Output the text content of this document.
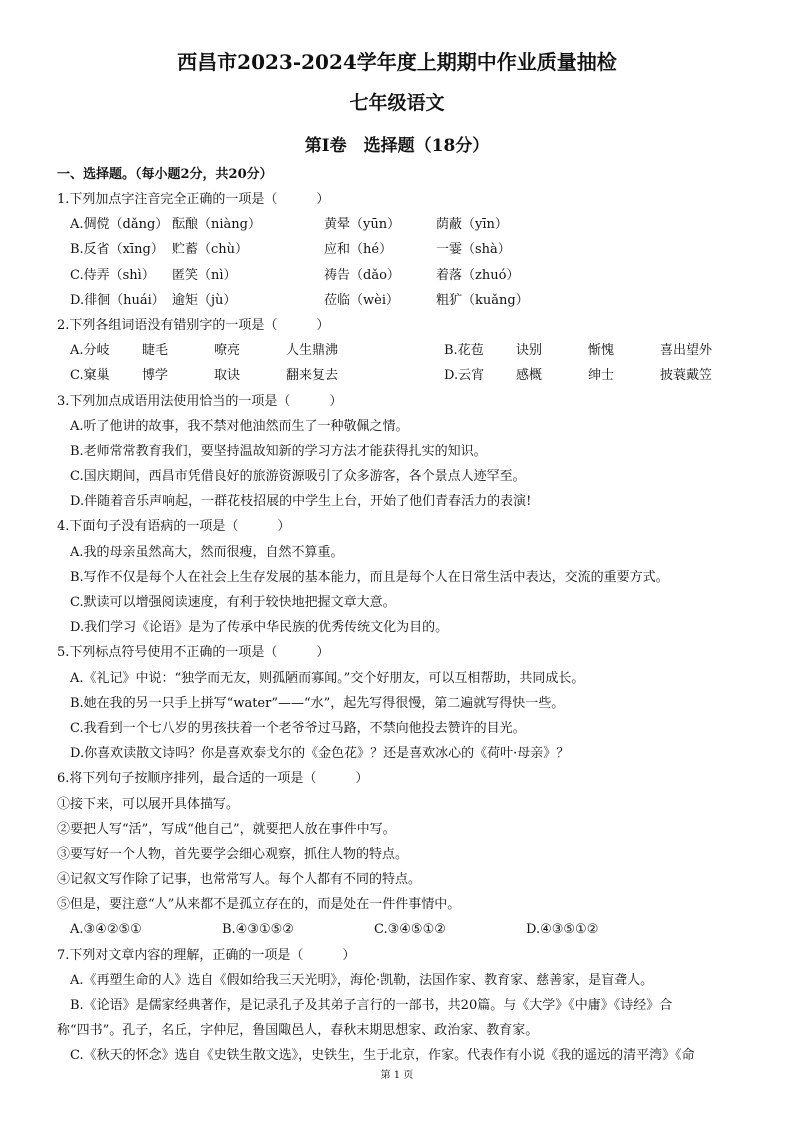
西昌市2023-2024学年度上期期中作业质量抽检
七年级语文
第Ⅰ卷　选择题（18分）
一、选择题。（每小题2分，共20分）
1.下列加点字注音完全正确的一项是（　　　）
A.倜傥（dǎng） 酝酿（niàng）	黄晕（yūn）	荫蔽（yīn）
B.反省（xīng） 贮蓄（chù）	应和（hé）	一霎（shà）
C.侍弄（shì）	匿笑（nì）	祷告（dǎo）	着落（zhuó）
D.徘徊（huái） 逾矩（jù）	莅临（wèi）	粗犷（kuǎng）
2.下列各组词语没有错别字的一项是（　　　）
A.分岐	睫毛	嘹亮	人生鼎沸	B.花苞	诀别	惭愧	喜出望外
C.窠巢	博学	取诀	翻来复去	D.云宵	感概	绅士	披蓑戴笠
3.下列加点成语用法使用恰当的一项是（　　　）
A.听了他讲的故事，我不禁对他油然而生了一种敬佩之情。
B.老师常常教育我们，要坚持温故知新的学习方法才能获得扎实的知识。
C.国庆期间，西昌市凭借良好的旅游资源吸引了众多游客，各个景点人迹罕至。
D.伴随着音乐声响起，一群花枝招展的中学生上台，开始了他们青春活力的表演!
4.下面句子没有语病的一项是（　　　）
A.我的母亲虽然高大，然而很瘦，自然不算重。
B.写作不仅是每个人在社会上生存发展的基本能力，而且是每个人在日常生活中表达，交流的重要方式。
C.默读可以增强阅读速度，有利于较快地把握文章大意。
D.我们学习《论语》是为了传承中华民族的优秀传统文化为目的。
5.下列标点符号使用不正确的一项是（　　　）
A.《礼记》中说：“独学而无友，则孤陋而寡闻。”交个好朋友，可以互相帮助，共同成长。
B.她在我的另一只手上拼写“water”——“水”，起先写得很慢，第二遍就写得快一些。
C.我看到一个七八岁的男孩扶着一个老爷爷过马路，不禁向他投去赞许的目光。
D.你喜欢读散文诗吗？你是喜欢泰戈尔的《金色花》？还是喜欢冰心的《荷叶·母亲》？
6.将下列句子按顺序排列，最合适的一项是（　　　）
①接下来，可以展开具体描写。
②要把人写“活”，写成“他自己”，就要把人放在事件中写。
③要写好一个人物，首先要学会细心观察，抓住人物的特点。
④记叙文写作除了记事，也常常写人。每个人都有不同的特点。
⑤但是，要注意“人”从来都不是孤立存在的，而是处在一件件事情中。
A.③④②⑤①	B.④③①⑤②	C.③④⑤①②	D.④③⑤①②
7.下列对文章内容的理解，正确的一项是（　　　）
A.《再塑生命的人》选自《假如给我三天光明》，海伦·凯勒，法国作家、教育家、慈善家，是盲聋人。
B.《论语》是儒家经典著作，是记录孔子及其弟子言行的一部书，共20篇。与《大学》《中庸》《诗经》合
称“四书”。孔子，名丘，字仲尼，鲁国陬邑人，春秋末期思想家、政治家、教育家。
C.《秋天的怀念》选自《史铁生散文选》，史铁生，生于北京，作家。代表作有小说《我的遥远的清平湾》《命
第 1 页
